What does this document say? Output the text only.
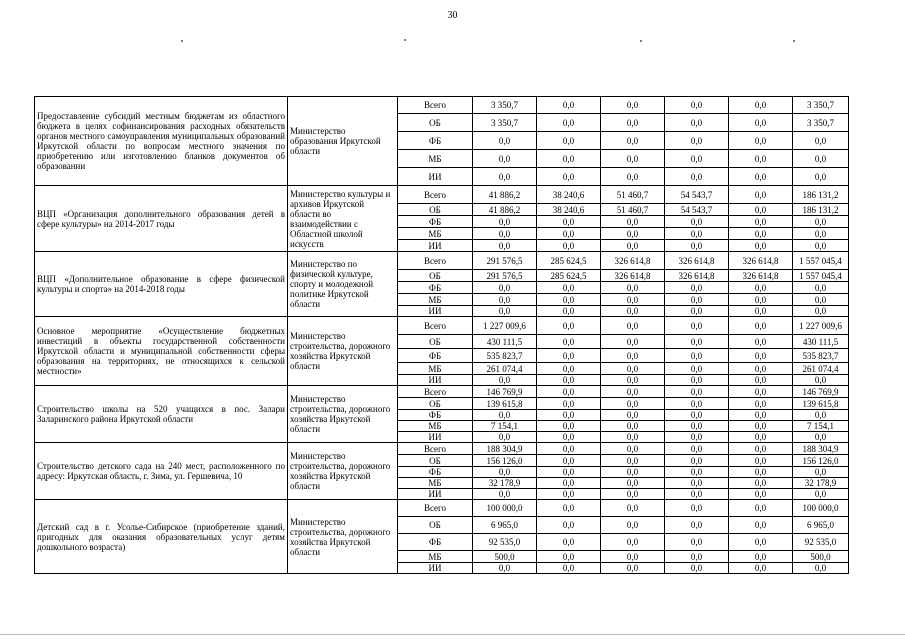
30
Предоставление субсидий местным бюджетам из областного бюджета в целях софинансирования расходных обязательств органов местного самоуправления муниципальных образований Иркутской области по вопросам местного значения по приобретению или изготовлению бланков документов об образовании	Министерство образования Иркутской области	Всего	3 350,7	0,0	0,0	0,0	0,0	3 350,7
		ОБ	3 350,7	0,0	0,0	0,0	0,0	3 350,7
		ФБ	0,0	0,0	0,0	0,0	0,0	0,0
		МБ	0,0	0,0	0,0	0,0	0,0	0,0
		ИИ	0,0	0,0	0,0	0,0	0,0	0,0
ВЦП «Организация дополнительного образования детей в сфере культуры» на 2014-2017 годы	Министерство культуры и архивов Иркутской области во взаимодействии с Областной школой искусств	Всего	41 886,2	38 240,6	51 460,7	54 543,7	0,0	186 131,2
		ОБ	41 886,2	38 240,6	51 460,7	54 543,7	0,0	186 131,2
		ФБ	0,0	0,0	0,0	0,0	0,0	0,0
		МБ	0,0	0,0	0,0	0,0	0,0	0,0
		ИИ	0,0	0,0	0,0	0,0	0,0	0,0
ВЦП «Дополнительное образование в сфере физической культуры и спорта» на 2014-2018 годы	Министерство по физической культуре, спорту и молодежной политике Иркутской области	Всего	291 576,5	285 624,5	326 614,8	326 614,8	326 614,8	1 557 045,4
		ОБ	291 576,5	285 624,5	326 614,8	326 614,8	326 614,8	1 557 045,4
		ФБ	0,0	0,0	0,0	0,0	0,0	0,0
		МБ	0,0	0,0	0,0	0,0	0,0	0,0
		ИИ	0,0	0,0	0,0	0,0	0,0	0,0
Основное мероприятие «Осуществление бюджетных инвестиций в объекты государственной собственности Иркутской области и муниципальной собственности сферы образования на территориях, не относящихся к сельской местности»	Министерство строительства, дорожного хозяйства Иркутской области	Всего	1 227 009,6	0,0	0,0	0,0	0,0	1 227 009,6
		ОБ	430 111,5	0,0	0,0	0,0	0,0	430 111,5
		ФБ	535 823,7	0,0	0,0	0,0	0,0	535 823,7
		МБ	261 074,4	0,0	0,0	0,0	0,0	261 074,4
		ИИ	0,0	0,0	0,0	0,0	0,0	0,0
Строительство школы на 520 учащихся в пос. Залари Заларинского района Иркутской области	Министерство строительства, дорожного хозяйства Иркутской области	Всего	146 769,9	0,0	0,0	0,0	0,0	146 769,9
		ОБ	139 615,8	0,0	0,0	0,0	0,0	139 615,8
		ФБ	0,0	0,0	0,0	0,0	0,0	0,0
		МБ	7 154,1	0,0	0,0	0,0	0,0	7 154,1
		ИИ	0,0	0,0	0,0	0,0	0,0	0,0
Строительство детского сада на 240 мест, расположенного по адресу: Иркутская область, г. Зима, ул. Гершевича, 10	Министерство строительства, дорожного хозяйства Иркутской области	Всего	188 304,9	0,0	0,0	0,0	0,0	188 304,9
		ОБ	156 126,0	0,0	0,0	0,0	0,0	156 126,0
		ФБ	0,0	0,0	0,0	0,0	0,0	0,0
		МБ	32 178,9	0,0	0,0	0,0	0,0	32 178,9
		ИИ	0,0	0,0	0,0	0,0	0,0	0,0
Детский сад в г. Усолье-Сибирское (приобретение зданий, пригодных для оказания образовательных услуг детям дошкольного возраста)	Министерство строительства, дорожного хозяйства Иркутской области	Всего	100 000,0	0,0	0,0	0,0	0,0	100 000,0
		ОБ	6 965,0	0,0	0,0	0,0	0,0	6 965,0
		ФБ	92 535,0	0,0	0,0	0,0	0,0	92 535,0
		МБ	500,0	0,0	0,0	0,0	0,0	500,0
		ИИ	0,0	0,0	0,0	0,0	0,0	0,0
